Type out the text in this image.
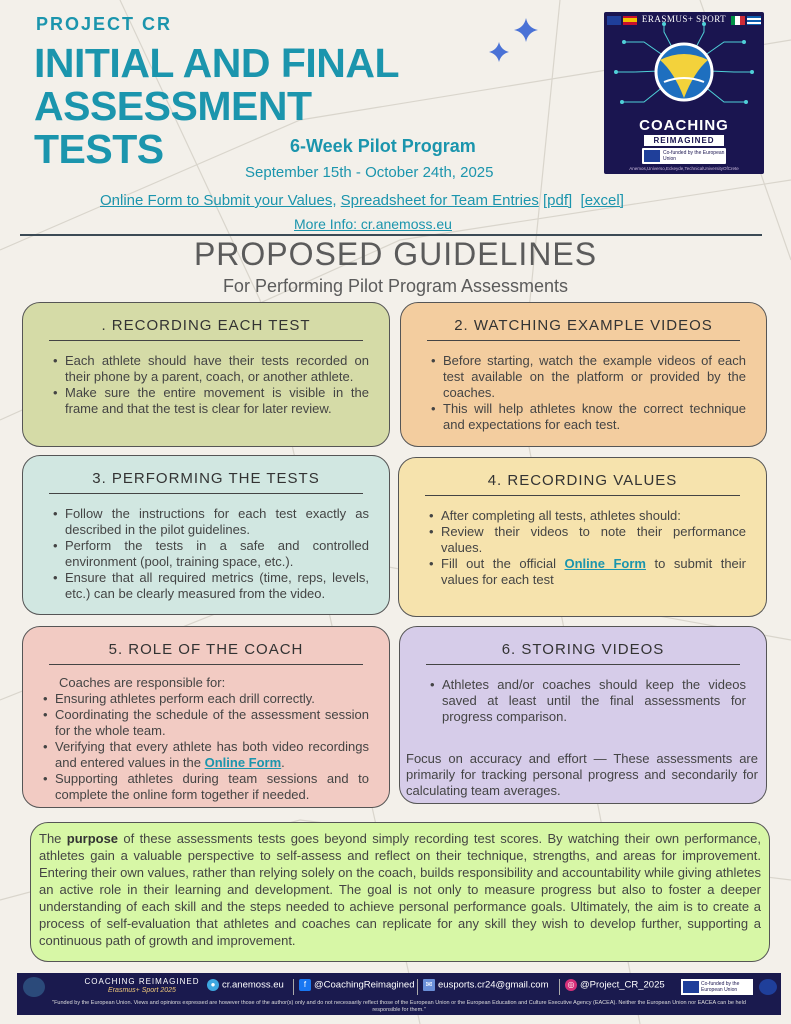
PROJECT CR
INITIAL AND FINAL
ASSESSMENT
TESTS	6-Week Pilot Program
September 15th - October 24th, 2025
Online Form to Submit your Values, Spreadsheet for Team Entries [pdf] [excel]
More Info: cr.anemoss.eu
ERASMUS+ SPORT
COACHING
REIMAGINED
Co-funded by the European Union
Anemos,Universo,Eckeyde,TechnicalUniversityOfCrete
PROPOSED GUIDELINES
For Performing Pilot Program Assessments
. RECORDING EACH TEST
• Each athlete should have their tests recorded on their phone by a parent, coach, or another athlete.
• Make sure the entire movement is visible in the frame and that the test is clear for later review.
2. WATCHING EXAMPLE VIDEOS
• Before starting, watch the example videos of each test available on the platform or provided by the coaches.
• This will help athletes know the correct technique and expectations for each test.
3. PERFORMING THE TESTS
• Follow the instructions for each test exactly as described in the pilot guidelines.
• Perform the tests in a safe and controlled environment (pool, training space, etc.).
• Ensure that all required metrics (time, reps, levels, etc.) can be clearly measured from the video.
4. RECORDING VALUES
• After completing all tests, athletes should:
• Review their videos to note their performance values.
• Fill out the official Online Form to submit their values for each test
5. ROLE OF THE COACH

Coaches are responsible for:

• Ensuring athletes perform each drill correctly.
• Coordinating the schedule of the assessment session for the whole team.
• Verifying that every athlete has both video recordings and entered values in the Online Form.
• Supporting athletes during team sessions and to complete the online form together if needed.
6. STORING VIDEOS
• Athletes and/or coaches should keep the videos saved at least until the final assessments for progress comparison.

Focus on accuracy and effort — These assessments are primarily for tracking personal progress and secondarily for calculating team averages.

The purpose of these assessments tests goes beyond simply recording test scores. By watching their own performance, athletes gain a valuable perspective to self-assess and reflect on their technique, strengths, and areas for improvement. Entering their own values, rather than relying solely on the coach, builds responsibility and accountability while giving athletes an active role in their learning and development. The goal is not only to measure progress but also to foster a deeper understanding of each skill and the steps needed to achieve personal performance goals. Ultimately, the aim is to create a process of self-evaluation that athletes and coaches can replicate for any skill they wish to develop further, supporting a continuous path of growth and improvement.
COACHING REIMAGINED
Erasmus+ Sport 2025
● cr.anemoss.eu	f @CoachingReimagined	✉ eusports.cr24@gmail.com	◎ @Project_CR_2025	Co-funded by the European Union
"Funded by the European Union. Views and opinions expressed are however those of the author(s) only and do not necessarily reflect those of the European Union or the European Education and Culture Executive Agency (EACEA). Neither the European Union nor EACEA can be held responsible for them."
